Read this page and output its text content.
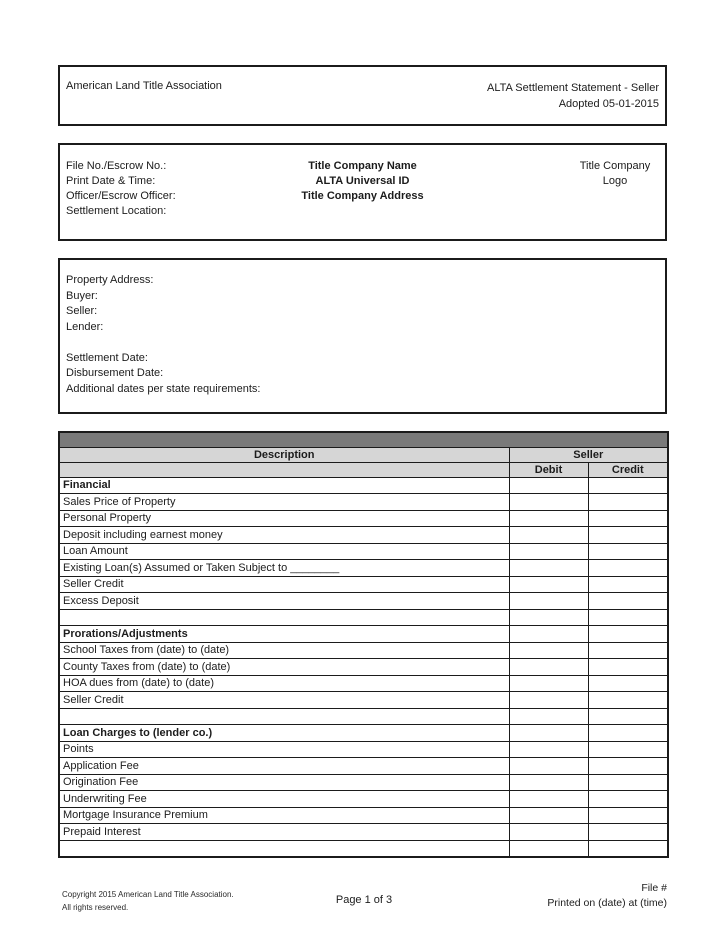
American Land Title Association	ALTA Settlement Statement - Seller
Adopted 05-01-2015
File No./Escrow No.:
Print Date & Time:
Officer/Escrow Officer:
Settlement Location:
Title Company Name
ALTA Universal ID
Title Company Address
Title Company
Logo
Property Address:
Buyer:
Seller:
Lender:
Settlement Date:
Disbursement Date:
Additional dates per state requirements:

Description	Seller	
	Debit	Credit
Financial		
Sales Price of Property		
Personal Property		
Deposit including earnest money		
Loan Amount		
Existing Loan(s) Assumed or Taken Subject to ________		
Seller Credit		
Excess Deposit		

Prorations/Adjustments		
School Taxes from (date) to (date)		
County Taxes from (date) to (date)		
HOA dues from (date) to (date)		
Seller Credit		

Loan Charges to (lender co.)		
Points		
Application Fee		
Origination Fee		
Underwriting Fee		
Mortgage Insurance Premium		
Prepaid Interest		

Copyright 2015 American Land Title Association.
All rights reserved.
Page 1 of 3
File #
Printed on (date) at (time)
